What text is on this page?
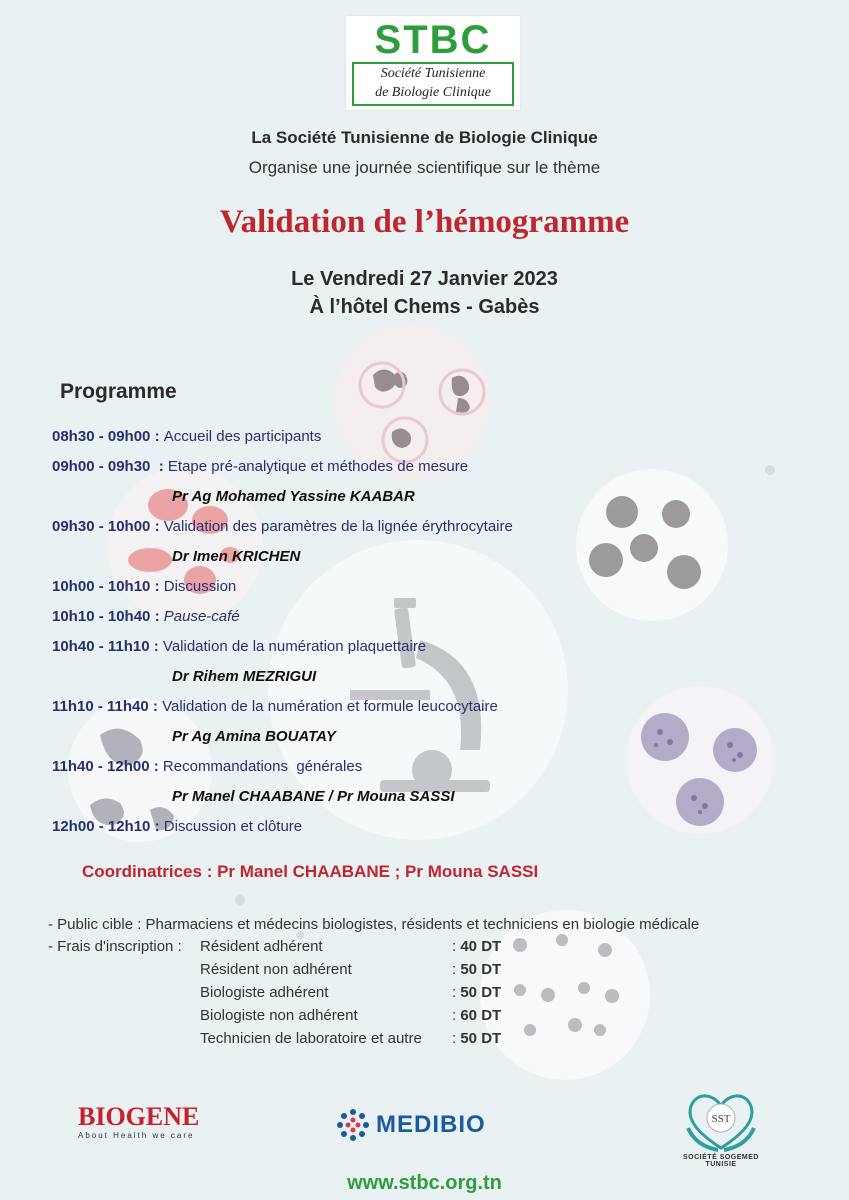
STBC
Société Tunisienne
de Biologie Clinique
La Société Tunisienne de Biologie Clinique
Organise une journée scientifique sur le thème
Validation de l’hémogramme
Le Vendredi 27 Janvier 2023
À l’hôtel Chems - Gabès
Programme
08h30 - 09h00 : Accueil des participants
09h00 - 09h30  : Etape pré-analytique et méthodes de mesure
Pr Ag Mohamed Yassine KAABAR
09h30 - 10h00 : Validation des paramètres de la lignée érythrocytaire
Dr Imen KRICHEN
10h00 - 10h10 : Discussion
10h10 - 10h40 : Pause-café
10h40 - 11h10 : Validation de la numération plaquettaire
Dr Rihem MEZRIGUI
11h10 - 11h40 : Validation de la numération et formule leucocytaire
Pr Ag Amina BOUATAY
11h40 - 12h00 : Recommandations  générales
Pr Manel CHAABANE / Pr Mouna SASSI
12h00 - 12h10 : Discussion et clôture
Coordinatrices : Pr Manel CHAABANE ; Pr Mouna SASSI
- Public cible : Pharmaciens et médecins biologistes, résidents et techniciens en biologie médicale
- Frais d'inscription : Résident adhérent	: 40 DT
Résident non adhérent	: 50 DT
Biologiste adhérent	: 50 DT
Biologiste non adhérent	: 60 DT
Technicien de laboratoire et autre : 50 DT
BIOGENE
About Health we care	MEDIBIO	SST
SOCIÉTÉ SOGEMED TUNISIE
www.stbc.org.tn
